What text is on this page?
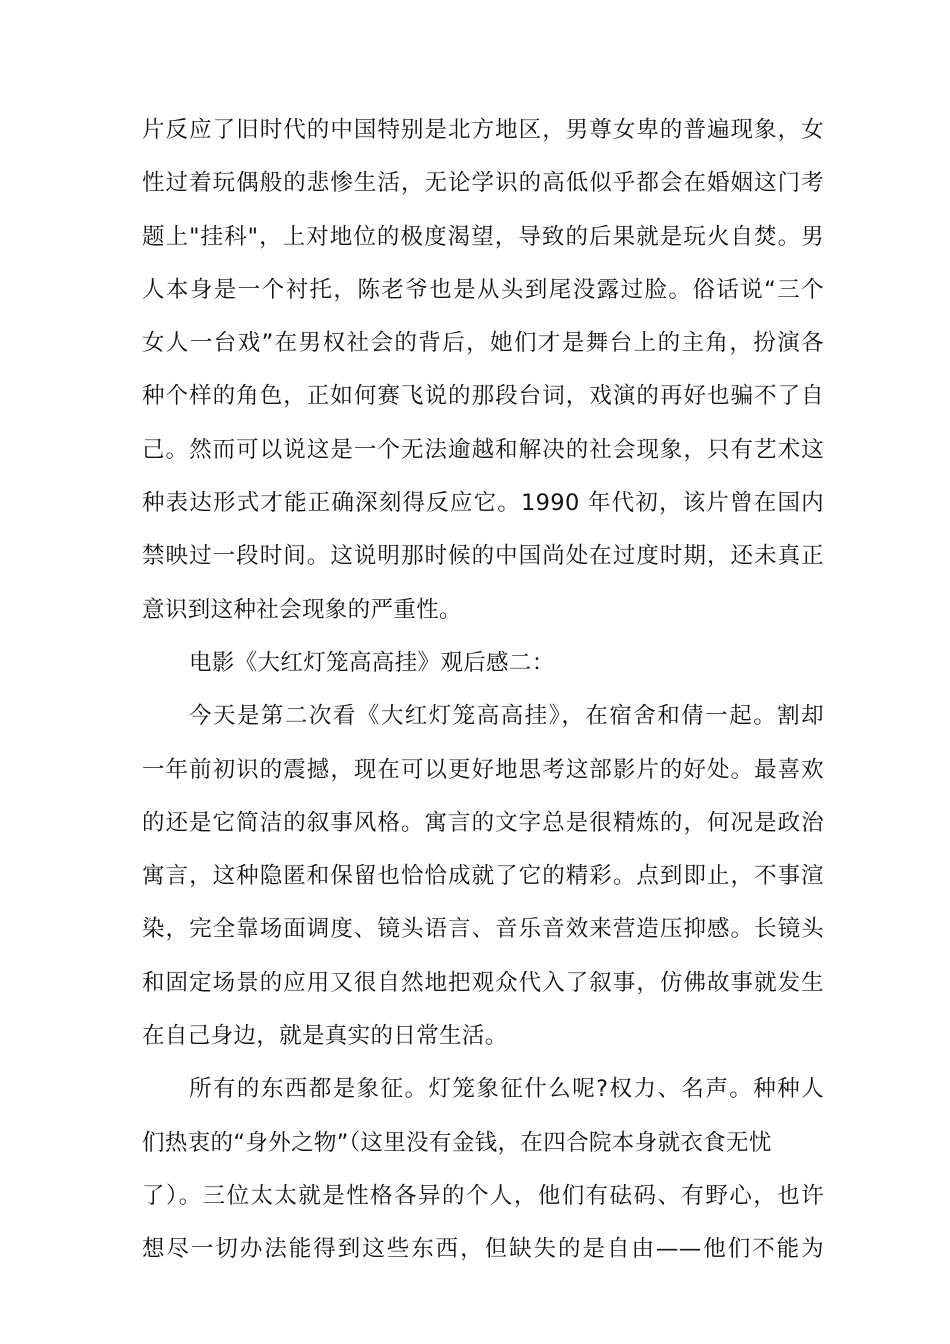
片反应了旧时代的中国特别是北方地区，男尊女卑的普遍现象，女
性过着玩偶般的悲惨生活，无论学识的高低似乎都会在婚姻这门考
题上"挂科"，上对地位的极度渴望，导致的后果就是玩火自焚。男
人本身是一个衬托，陈老爷也是从头到尾没露过脸。俗话说“三个
女人一台戏”在男权社会的背后，她们才是舞台上的主角，扮演各
种个样的角色，正如何赛飞说的那段台词，戏演的再好也骗不了自
己。然而可以说这是一个无法逾越和解决的社会现象，只有艺术这
种表达形式才能正确深刻得反应它。1990 年代初，该片曾在国内
禁映过一段时间。这说明那时候的中国尚处在过度时期，还未真正
意识到这种社会现象的严重性。
电影《大红灯笼高高挂》观后感二：
今天是第二次看《大红灯笼高高挂》，在宿舍和倩一起。割却
一年前初识的震撼，现在可以更好地思考这部影片的好处。最喜欢
的还是它简洁的叙事风格。寓言的文字总是很精炼的，何况是政治
寓言，这种隐匿和保留也恰恰成就了它的精彩。点到即止，不事渲
染，完全靠场面调度、镜头语言、音乐音效来营造压抑感。长镜头
和固定场景的应用又很自然地把观众代入了叙事，仿佛故事就发生
在自己身边，就是真实的日常生活。
所有的东西都是象征。灯笼象征什么呢?权力、名声。种种人
们热衷的“身外之物”（这里没有金钱，在四合院本身就衣食无忧
了）。三位太太就是性格各异的个人，他们有砝码、有野心，也许
想尽一切办法能得到这些东西，但缺失的是自由——他们不能为
